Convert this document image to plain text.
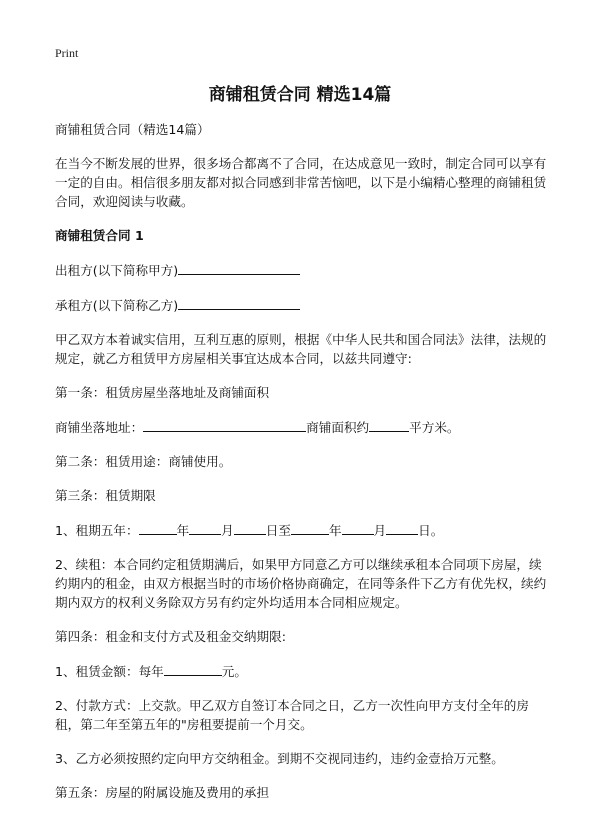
Print
商铺租赁合同 精选14篇

商铺租赁合同（精选14篇）

在当今不断发展的世界，很多场合都离不了合同，在达成意见一致时，制定合同可以享有一定的自由。相信很多朋友都对拟合同感到非常苦恼吧，以下是小编精心整理的商铺租赁合同，欢迎阅读与收藏。

商铺租赁合同 1

出租方(以下简称甲方)

承租方(以下简称乙方)

甲乙双方本着诚实信用，互利互惠的原则，根据《中华人民共和国合同法》法律，法规的规定，就乙方租赁甲方房屋相关事宜达成本合同，以兹共同遵守:

第一条：租赁房屋坐落地址及商铺面积

商铺坐落地址：	商铺面积约	平方米。

第二条：租赁用途：商铺使用。

第三条：租赁期限

1、租期五年：	年	月	日至	年	月	日。

2、续租：本合同约定租赁期满后，如果甲方同意乙方可以继续承租本合同项下房屋，续约期内的租金，由双方根据当时的市场价格协商确定，在同等条件下乙方有优先权，续约期内双方的权利义务除双方另有约定外均适用本合同相应规定。

第四条：租金和支付方式及租金交纳期限:

1、租赁金额：每年	元。

2、付款方式：上交款。甲乙双方自签订本合同之日，乙方一次性向甲方支付全年的房租，第二年至第五年的"房租要提前一个月交。

3、乙方必须按照约定向甲方交纳租金。到期不交视同违约，违约金壹拾万元整。

第五条：房屋的附属设施及费用的承担
